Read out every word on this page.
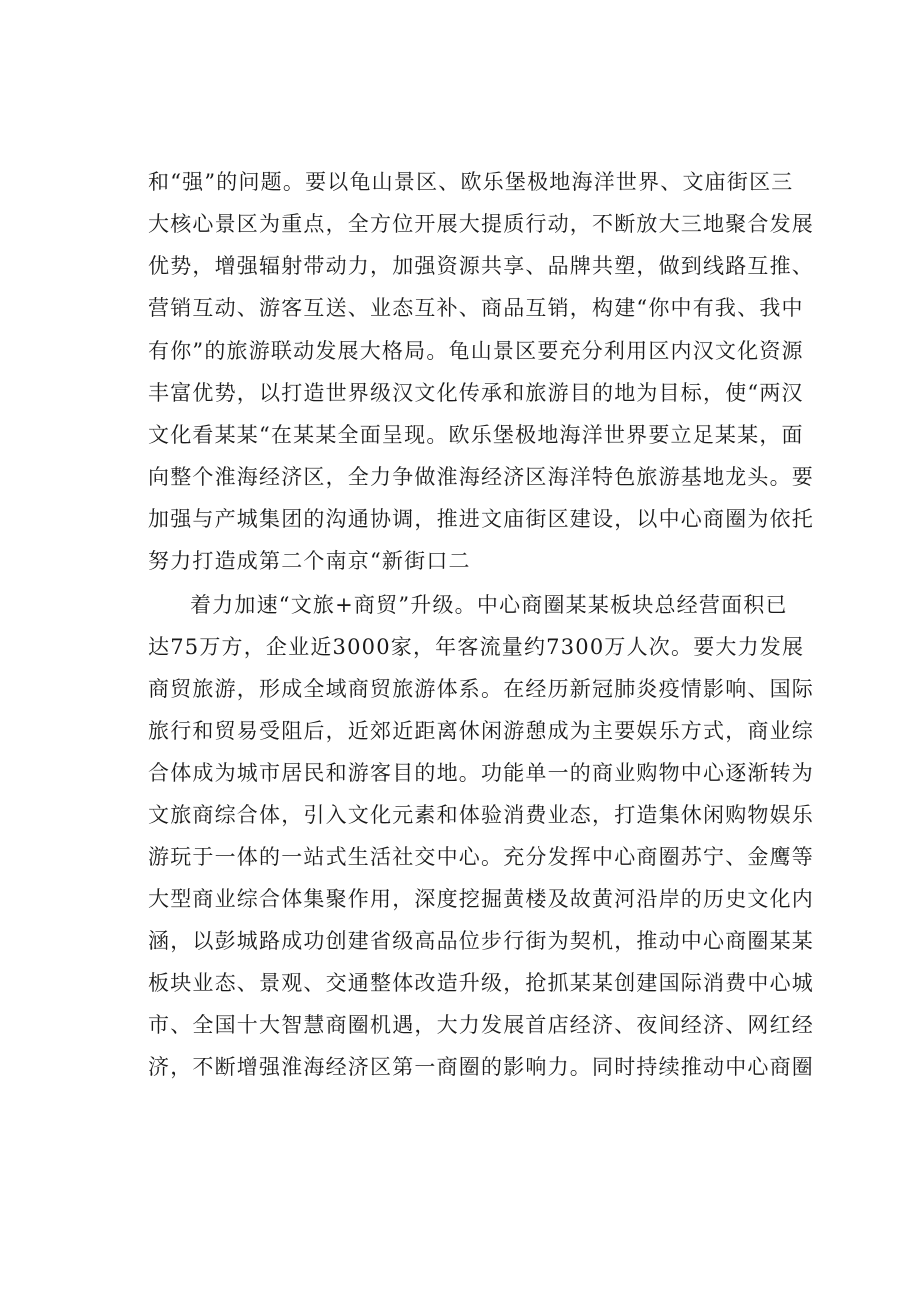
和“强”的问题。要以龟山景区、欧乐堡极地海洋世界、文庙街区三
大核心景区为重点，全方位开展大提质行动，不断放大三地聚合发展
优势，增强辐射带动力，加强资源共享、品牌共塑，做到线路互推、
营销互动、游客互送、业态互补、商品互销，构建“你中有我、我中
有你”的旅游联动发展大格局。龟山景区要充分利用区内汉文化资源
丰富优势，以打造世界级汉文化传承和旅游目的地为目标，使“两汉
文化看某某“在某某全面呈现。欧乐堡极地海洋世界要立足某某，面
向整个淮海经济区，全力争做淮海经济区海洋特色旅游基地龙头。要
加强与产城集团的沟通协调，推进文庙街区建设，以中心商圈为依托
努力打造成第二个南京“新街口二
着力加速“文旅+商贸”升级。中心商圈某某板块总经营面积已
达75万方，企业近3000家，年客流量约7300万人次。要大力发展
商贸旅游，形成全域商贸旅游体系。在经历新冠肺炎疫情影响、国际
旅行和贸易受阻后，近郊近距离休闲游憩成为主要娱乐方式，商业综
合体成为城市居民和游客目的地。功能单一的商业购物中心逐渐转为
文旅商综合体，引入文化元素和体验消费业态，打造集休闲购物娱乐
游玩于一体的一站式生活社交中心。充分发挥中心商圈苏宁、金鹰等
大型商业综合体集聚作用，深度挖掘黄楼及故黄河沿岸的历史文化内
涵，以彭城路成功创建省级高品位步行街为契机，推动中心商圈某某
板块业态、景观、交通整体改造升级，抢抓某某创建国际消费中心城
市、全国十大智慧商圈机遇，大力发展首店经济、夜间经济、网红经
济，不断增强淮海经济区第一商圈的影响力。同时持续推动中心商圈
